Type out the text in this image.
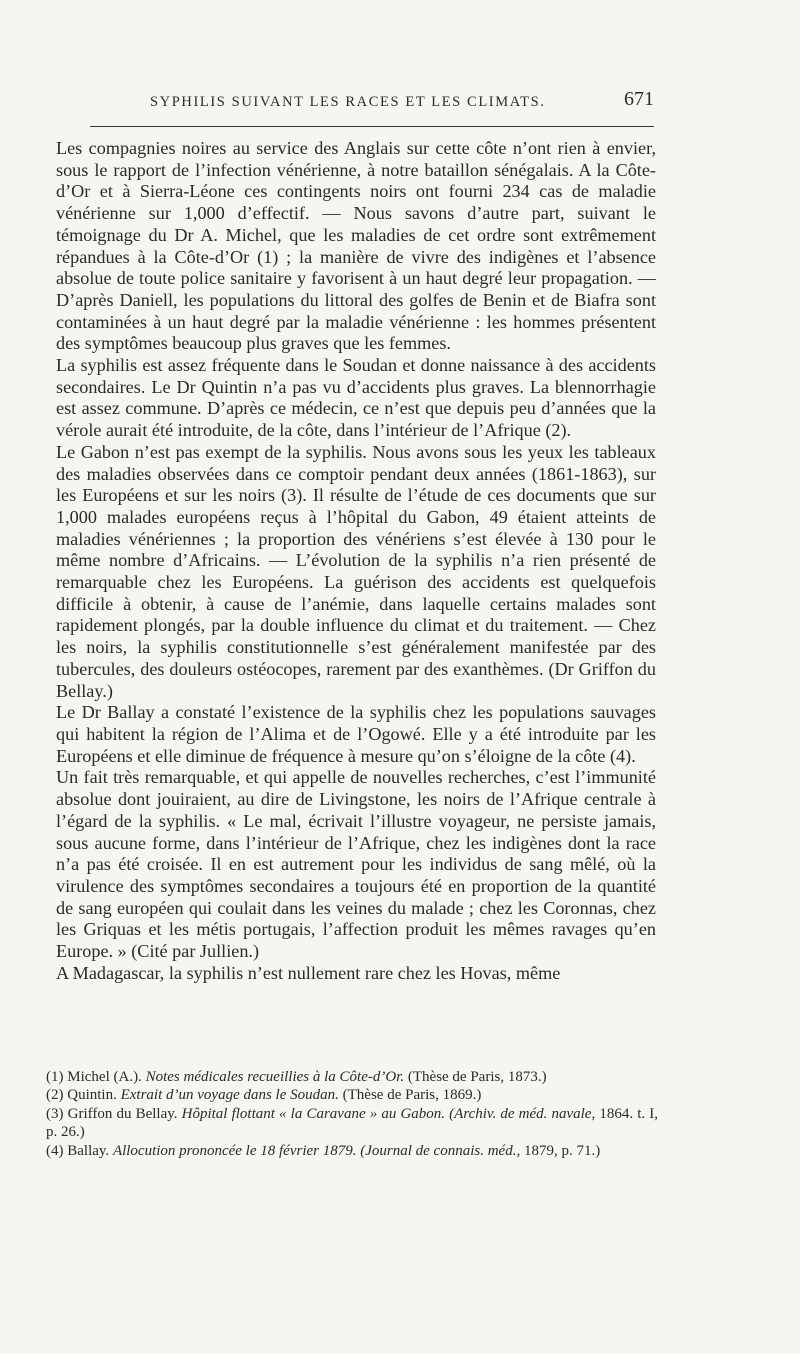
SYPHILIS SUIVANT LES RACES ET LES CLIMATS.	671

Les compagnies noires au service des Anglais sur cette côte n’ont rien à envier, sous le rapport de l’infection vénérienne, à notre bataillon sénégalais. A la Côte-d’Or et à Sierra-Léone ces contingents noirs ont fourni 234 cas de maladie vénérienne sur 1,000 d’effectif. — Nous savons d’autre part, suivant le témoignage du Dr A. Michel, que les maladies de cet ordre sont extrêmement répandues à la Côte-d’Or (1) ; la manière de vivre des indigènes et l’absence absolue de toute police sanitaire y favorisent à un haut degré leur propagation. — D’après Daniell, les populations du littoral des golfes de Benin et de Biafra sont contaminées à un haut degré par la maladie vénérienne : les hommes présentent des symptômes beaucoup plus graves que les femmes.

La syphilis est assez fréquente dans le Soudan et donne naissance à des accidents secondaires. Le Dr Quintin n’a pas vu d’accidents plus graves. La blennorrhagie est assez commune. D’après ce médecin, ce n’est que depuis peu d’années que la vérole aurait été introduite, de la côte, dans l’intérieur de l’Afrique (2).

Le Gabon n’est pas exempt de la syphilis. Nous avons sous les yeux les tableaux des maladies observées dans ce comptoir pendant deux années (1861-1863), sur les Européens et sur les noirs (3). Il résulte de l’étude de ces documents que sur 1,000 malades européens reçus à l’hôpital du Gabon, 49 étaient atteints de maladies vénériennes ; la proportion des vénériens s’est élevée à 130 pour le même nombre d’Africains. — L’évolution de la syphilis n’a rien présenté de remarquable chez les Européens. La guérison des accidents est quelquefois difficile à obtenir, à cause de l’anémie, dans laquelle certains malades sont rapidement plongés, par la double influence du climat et du traitement. — Chez les noirs, la syphilis constitutionnelle s’est généralement manifestée par des tubercules, des douleurs ostéocopes, rarement par des exanthèmes. (Dr Griffon du Bellay.)

Le Dr Ballay a constaté l’existence de la syphilis chez les populations sauvages qui habitent la région de l’Alima et de l’Ogowé. Elle y a été introduite par les Européens et elle diminue de fréquence à mesure qu’on s’éloigne de la côte (4).

Un fait très remarquable, et qui appelle de nouvelles recherches, c’est l’immunité absolue dont jouiraient, au dire de Livingstone, les noirs de l’Afrique centrale à l’égard de la syphilis. « Le mal, écrivait l’illustre voyageur, ne persiste jamais, sous aucune forme, dans l’intérieur de l’Afrique, chez les indigènes dont la race n’a pas été croisée. Il en est autrement pour les individus de sang mêlé, où la virulence des symptômes secondaires a toujours été en proportion de la quantité de sang européen qui coulait dans les veines du malade ; chez les Coronnas, chez les Griquas et les métis portugais, l’affection produit les mêmes ravages qu’en Europe. » (Cité par Jullien.)

A Madagascar, la syphilis n’est nullement rare chez les Hovas, même

(1) Michel (A.). Notes médicales recueillies à la Côte-d’Or. (Thèse de Paris, 1873.)

(2) Quintin. Extrait d’un voyage dans le Soudan. (Thèse de Paris, 1869.)

(3) Griffon du Bellay. Hôpital flottant « la Caravane » au Gabon. (Archiv. de méd. navale, 1864. t. I, p. 26.)

(4) Ballay. Allocution prononcée le 18 février 1879. (Journal de connais. méd., 1879, p. 71.)
